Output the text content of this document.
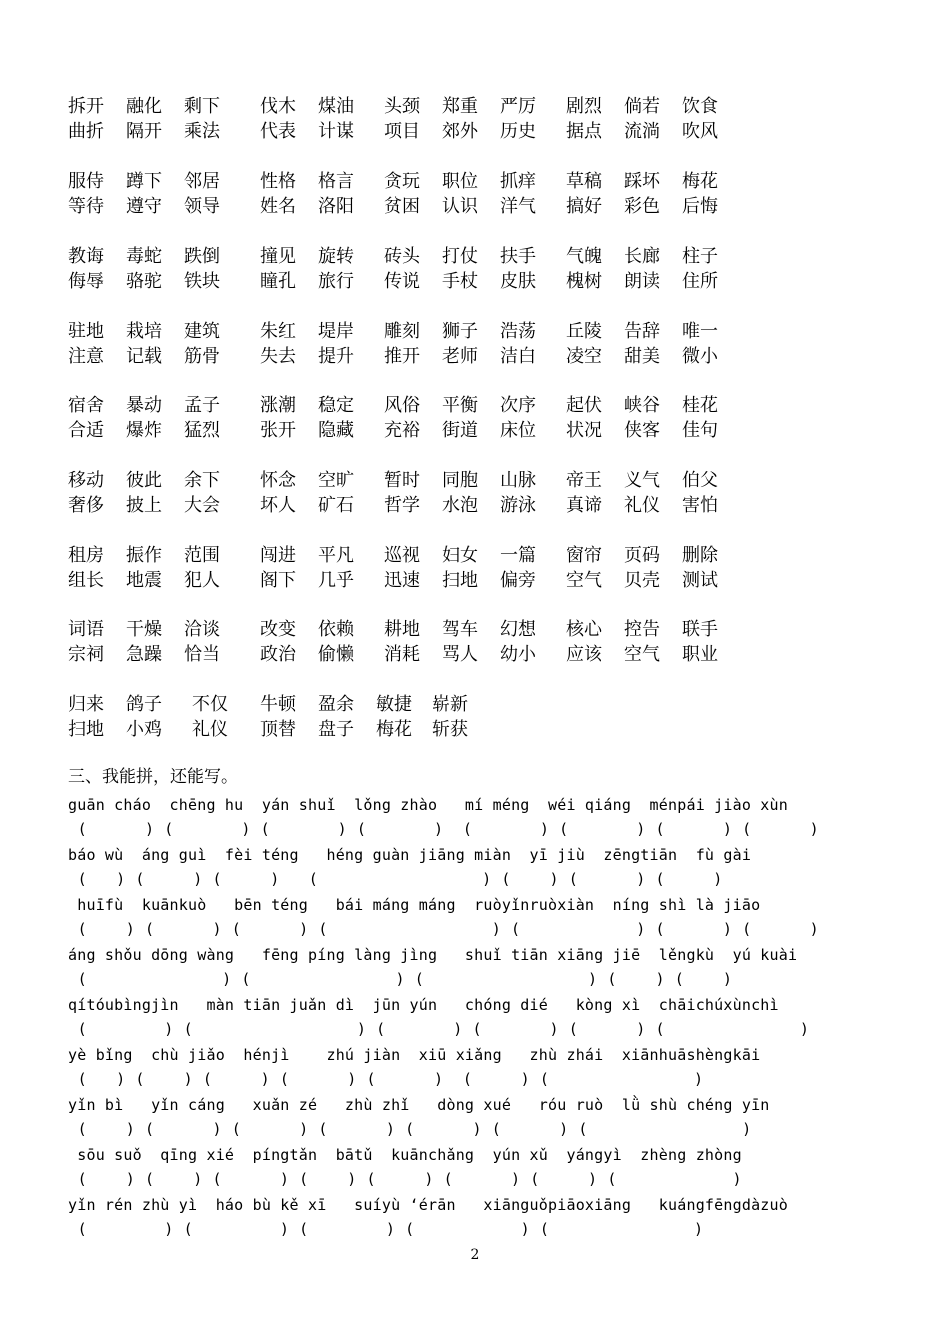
拆开 融化 剩下 伐木 煤油 头颈 郑重 严厉 剧烈 倘若 饮食
曲折 隔开 乘法 代表 计谋 项目 郊外 历史 据点 流淌 吹风
服侍 蹲下 邻居 性格 格言 贪玩 职位 抓痒 草稿 踩坏 梅花
等待 遵守 领导 姓名 洛阳 贫困 认识 洋气 搞好 彩色 后悔
教诲 毒蛇 跌倒 撞见 旋转 砖头 打仗 扶手 气魄 长廊 柱子
侮辱 骆驼 铁块 瞳孔 旅行 传说 手杖 皮肤 槐树 朗读 住所
驻地 栽培 建筑 朱红 堤岸 雕刻 狮子 浩荡 丘陵 告辞 唯一
注意 记载 筋骨 失去 提升 推开 老师 洁白 凌空 甜美 微小
宿舍 暴动 孟子 涨潮 稳定 风俗 平衡 次序 起伏 峡谷 桂花
合适 爆炸 猛烈 张开 隐藏 充裕 街道 床位 状况 侠客 佳句
移动 彼此 余下 怀念 空旷 暂时 同胞 山脉 帝王 义气 伯父
奢侈 披上 大会 坏人 矿石 哲学 水泡 游泳 真谛 礼仪 害怕
租房 振作 范围 闯进 平凡 巡视 妇女 一篇 窗帘 页码 删除
组长 地震 犯人 阁下 几乎 迅速 扫地 偏旁 空气 贝壳 测试
词语 干燥 洽谈 改变 依赖 耕地 驾车 幻想 核心 控告 联手
宗祠 急躁 恰当 政治 偷懒 消耗 骂人 幼小 应该 空气 职业
归来 鸽子 不仅 牛顿 盈余 敏捷 崭新
扫地 小鸡 礼仪 顶替 盘子 梅花 斩获
三、我能拼，还能写。
guān cháo  chēng hu  yán shuǐ  lǒng zhào   mí méng  wéi qiáng  ménpái jiào xùn
(      ) (       ) (       ) (       )  (       ) (       ) (      ) (      )
báo wù  áng guì  fèi téng   héng guàn jiāng miàn  yī jiù  zēngtiān  fù gài
(   ) (     ) (     )   (                 ) (    ) (      ) (     )
huīfù  kuānkuò   bēn téng   bái máng máng  ruòyǐnruòxiàn  níng shì là jiāo
(    ) (      ) (      ) (                 ) (            ) (      ) (      )
áng shǒu dōng wàng   fēng píng làng jìng   shuǐ tiān xiāng jiē  lěngkù  yú kuài
(              ) (               ) (                 ) (    ) (    )
qítóubìngjìn   màn tiān juǎn dì  jūn yún   chóng dié   kòng xì  chāichúxùnchì
(        ) (                 ) (       ) (       ) (      ) (              )
yè bǐng  chù jiǎo  hénjì    zhú jiàn  xiū xiǎng   zhù zhái  xiānhuāshèngkāi
(   ) (    ) (     ) (      ) (      )  (     ) (               )
yǐn bì   yǐn cáng   xuǎn zé   zhù zhǐ   dòng xué   róu ruò  lǜ shù chéng yīn
(    ) (      ) (      ) (      ) (      ) (      ) (                )
sōu suǒ  qīng xié  píngtǎn  bātǔ  kuānchǎng  yún xǔ  yángyì  zhèng zhòng
(    ) (    ) (      ) (    ) (     ) (      ) (     ) (            )
yǐn rén zhù yì  háo bù kě xī   suíyù ‘érān   xiānguǒpiāoxiāng   kuángfēngdàzuò
(        ) (         ) (        ) (           ) (               )
2
